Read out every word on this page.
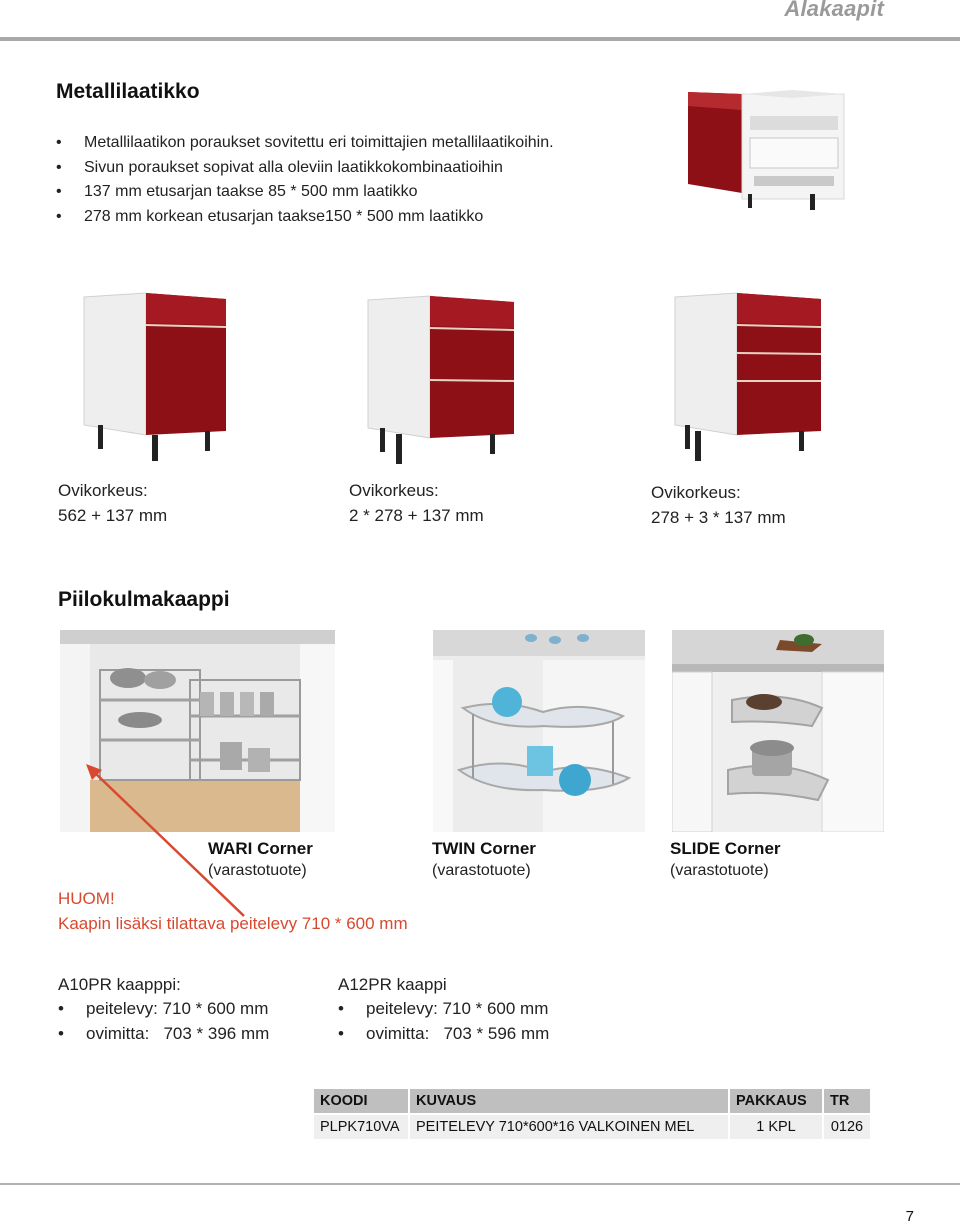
Alakaapit
Metallilaatikko
• Metallilaatikon poraukset sovitettu eri toimittajien metallilaatikoihin.
• Sivun poraukset sopivat alla oleviin laatikkokombinaatioihin
• 137 mm etusarjan taakse 85 * 500 mm laatikko
• 278 mm korkean etusarjan taakse150 * 500 mm laatikko
Ovikorkeus:
562 + 137 mm
Ovikorkeus:
2 * 278 + 137 mm
Ovikorkeus:
278 + 3 * 137 mm
Piilokulmakaappi
WARI Corner
(varastotuote)
TWIN Corner
(varastotuote)
SLIDE Corner
(varastotuote)
HUOM!
Kaapin lisäksi tilattava peitelevy 710 * 600 mm
A10PR kaapppi:
• peitelevy: 710 * 600 mm
• ovimitta:   703 * 396 mm
A12PR kaappi
• peitelevy: 710 * 600 mm
• ovimitta:   703 * 596 mm
KOODI	KUVAUS	PAKKAUS	TR
PLPK710VA	PEITELEVY 710*600*16 VALKOINEN MEL	1 KPL	0126
7
